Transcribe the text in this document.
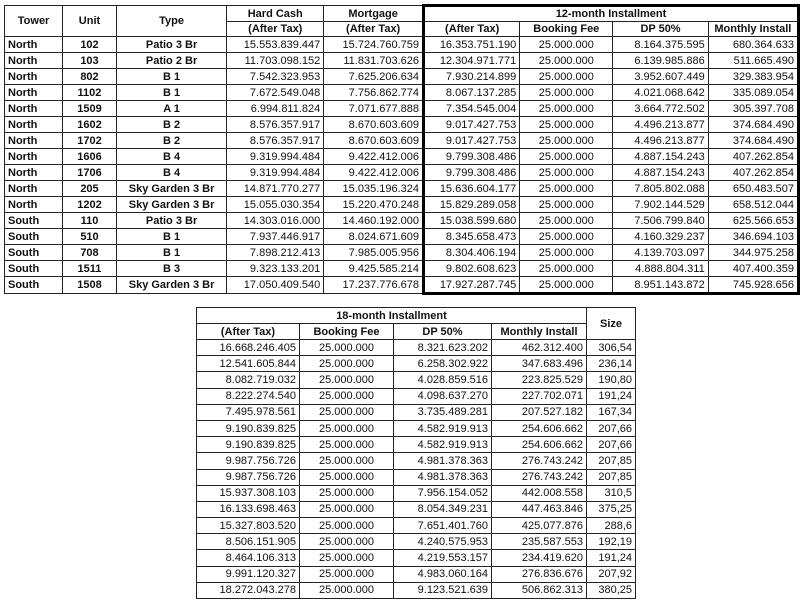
Tower	Unit	Type	Hard Cash	Mortgage	12-month Installment			
			(After Tax)	(After Tax)	(After Tax)	Booking Fee	DP 50%	Monthly Install
North	102	Patio 3 Br	15.553.839.447	15.724.760.759	16.353.751.190	25.000.000	8.164.375.595	680.364.633
North	103	Patio 2 Br	11.703.098.152	11.831.703.626	12.304.971.771	25.000.000	6.139.985.886	511.665.490
North	802	B 1	7.542.323.953	7.625.206.634	7.930.214.899	25.000.000	3.952.607.449	329.383.954
North	1102	B 1	7.672.549.048	7.756.862.774	8.067.137.285	25.000.000	4.021.068.642	335.089.054
North	1509	A 1	6.994.811.824	7.071.677.888	7.354.545.004	25.000.000	3.664.772.502	305.397.708
North	1602	B 2	8.576.357.917	8.670.603.609	9.017.427.753	25.000.000	4.496.213.877	374.684.490
North	1702	B 2	8.576.357.917	8.670.603.609	9.017.427.753	25.000.000	4.496.213.877	374.684.490
North	1606	B 4	9.319.994.484	9.422.412.006	9.799.308.486	25.000.000	4.887.154.243	407.262.854
North	1706	B 4	9.319.994.484	9.422.412.006	9.799.308.486	25.000.000	4.887.154.243	407.262.854
North	205	Sky Garden 3 Br	14.871.770.277	15.035.196.324	15.636.604.177	25.000.000	7.805.802.088	650.483.507
North	1202	Sky Garden 3 Br	15.055.030.354	15.220.470.248	15.829.289.058	25.000.000	7.902.144.529	658.512.044
South	110	Patio 3 Br	14.303.016.000	14.460.192.000	15.038.599.680	25.000.000	7.506.799.840	625.566.653
South	510	B 1	7.937.446.917	8.024.671.609	8.345.658.473	25.000.000	4.160.329.237	346.694.103
South	708	B 1	7.898.212.413	7.985.005.956	8.304.406.194	25.000.000	4.139.703.097	344.975.258
South	1511	B 3	9.323.133.201	9.425.585.214	9.802.608.623	25.000.000	4.888.804.311	407.400.359
South	1508	Sky Garden 3 Br	17.050.409.540	17.237.776.678	17.927.287.745	25.000.000	8.951.143.872	745.928.656
18-month Installment				Size
(After Tax)	Booking Fee	DP 50%	Monthly Install	
16.668.246.405	25.000.000	8.321.623.202	462.312.400	306,54
12.541.605.844	25.000.000	6.258.302.922	347.683.496	236,14
8.082.719.032	25.000.000	4.028.859.516	223.825.529	190,80
8.222.274.540	25.000.000	4.098.637.270	227.702.071	191,24
7.495.978.561	25.000.000	3.735.489.281	207.527.182	167,34
9.190.839.825	25.000.000	4.582.919.913	254.606.662	207,66
9.190.839.825	25.000.000	4.582.919.913	254.606.662	207,66
9.987.756.726	25.000.000	4.981.378.363	276.743.242	207,85
9.987.756.726	25.000.000	4.981.378.363	276.743.242	207,85
15.937.308.103	25.000.000	7.956.154.052	442.008.558	310,5
16.133.698.463	25.000.000	8.054.349.231	447.463.846	375,25
15.327.803.520	25.000.000	7.651.401.760	425.077.876	288,6
8.506.151.905	25.000.000	4.240.575.953	235.587.553	192,19
8.464.106.313	25.000.000	4.219.553.157	234.419.620	191,24
9.991.120.327	25.000.000	4.983.060.164	276.836.676	207,92
18.272.043.278	25.000.000	9.123.521.639	506.862.313	380,25
